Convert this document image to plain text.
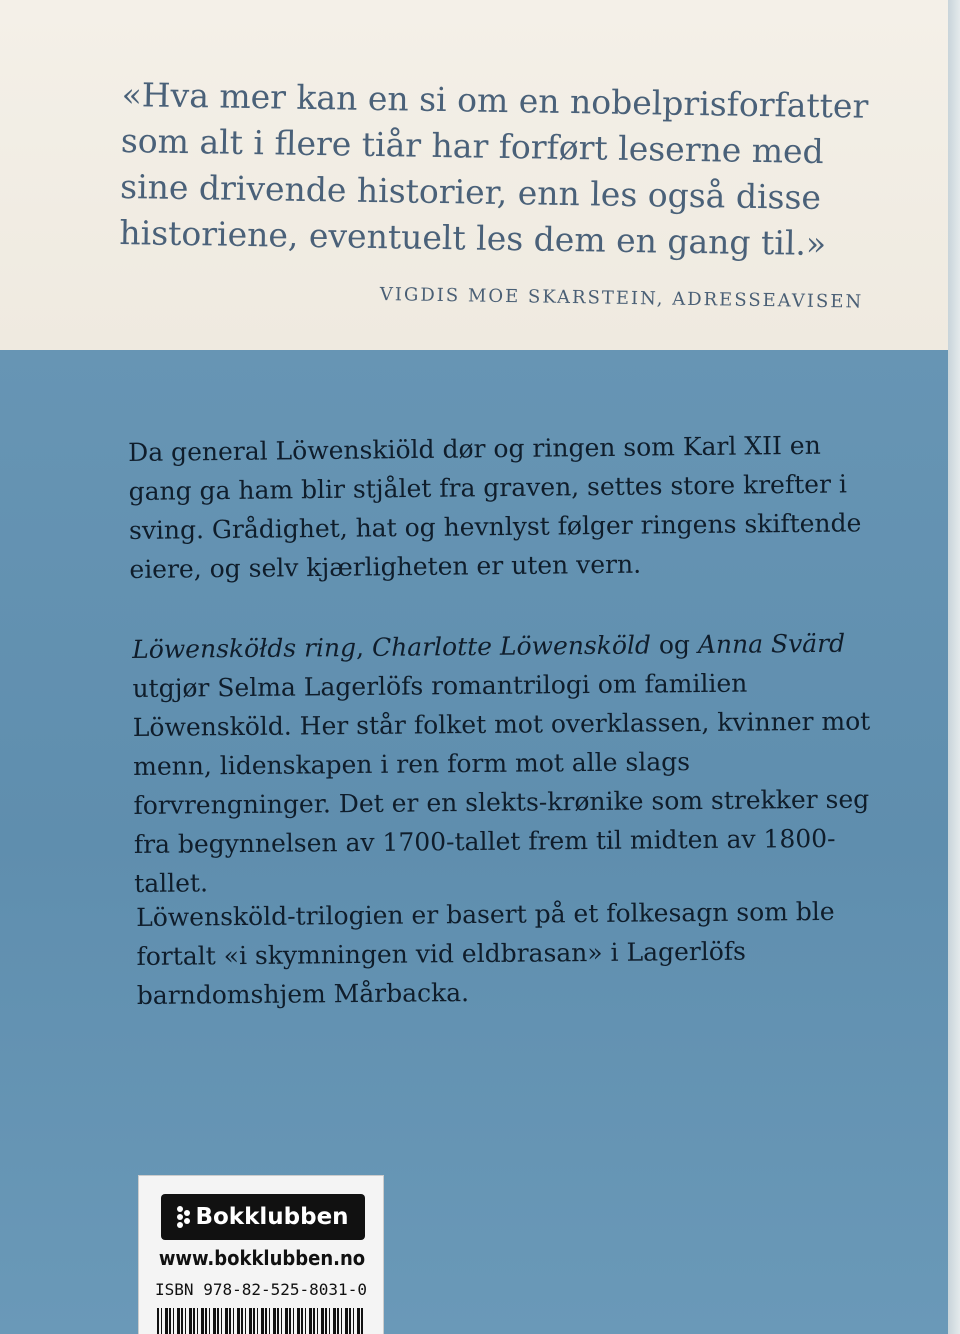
«Hva mer kan en si om en nobelprisforfatter som alt i flere tiår har forført leserne med sine drivende historier, enn les også disse historiene, eventuelt les dem en gang til.»

VIGDIS MOE SKARSTEIN, ADRESSEAVISEN

Da general Löwenskiöld dør og ringen som Karl XII en gang ga ham blir stjålet fra graven, settes store krefter i sving. Grådighet, hat og hevnlyst følger ringens skiftende eiere, og selv kjærligheten er uten vern.

Löwensköłds ring, Charlotte Löwensköld og Anna Svärd utgjør Selma Lagerlöfs romantrilogi om familien Löwensköld. Her står folket mot overklassen, kvinner mot menn, lidenskapen i ren form mot alle slags forvrengninger. Det er en slekts-krønike som strekker seg fra begynnelsen av 1700-tallet frem til midten av 1800-tallet.

Löwensköld-trilogien er basert på et folkesagn som ble fortalt «i skymningen vid eldbrasan» i Lagerlöfs barndomshjem Mårbacka.

Bokklubben
www.bokklubben.no
ISBN 978-82-525-8031-0
